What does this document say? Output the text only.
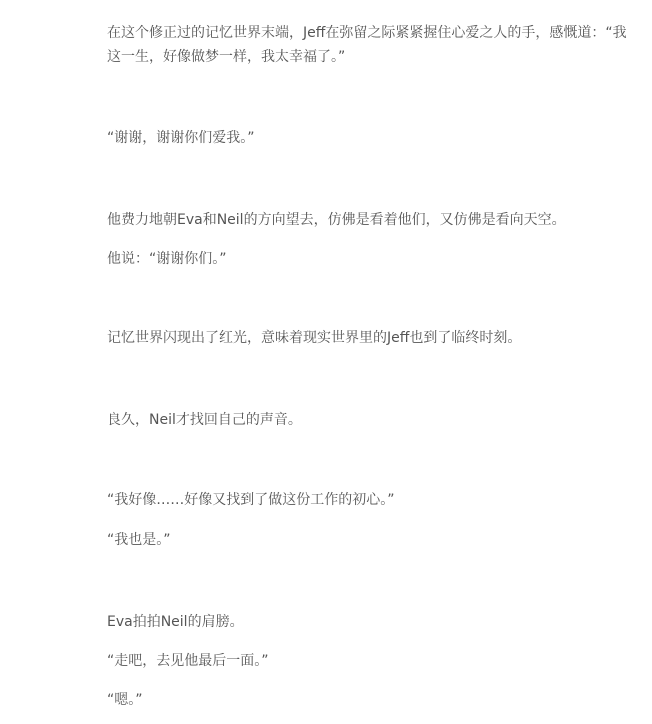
在这个修正过的记忆世界末端，Jeff在弥留之际紧紧握住心爱之人的手，感慨道：“我这一生，好像做梦一样，我太幸福了。”

“谢谢，谢谢你们爱我。”

他费力地朝Eva和Neil的方向望去，仿佛是看着他们，又仿佛是看向天空。

他说：“谢谢你们。”

记忆世界闪现出了红光，意味着现实世界里的Jeff也到了临终时刻。

良久，Neil才找回自己的声音。

“我好像……好像又找到了做这份工作的初心。”

“我也是。”

Eva拍拍Neil的肩膀。

“走吧，去见他最后一面。”

“嗯。”
